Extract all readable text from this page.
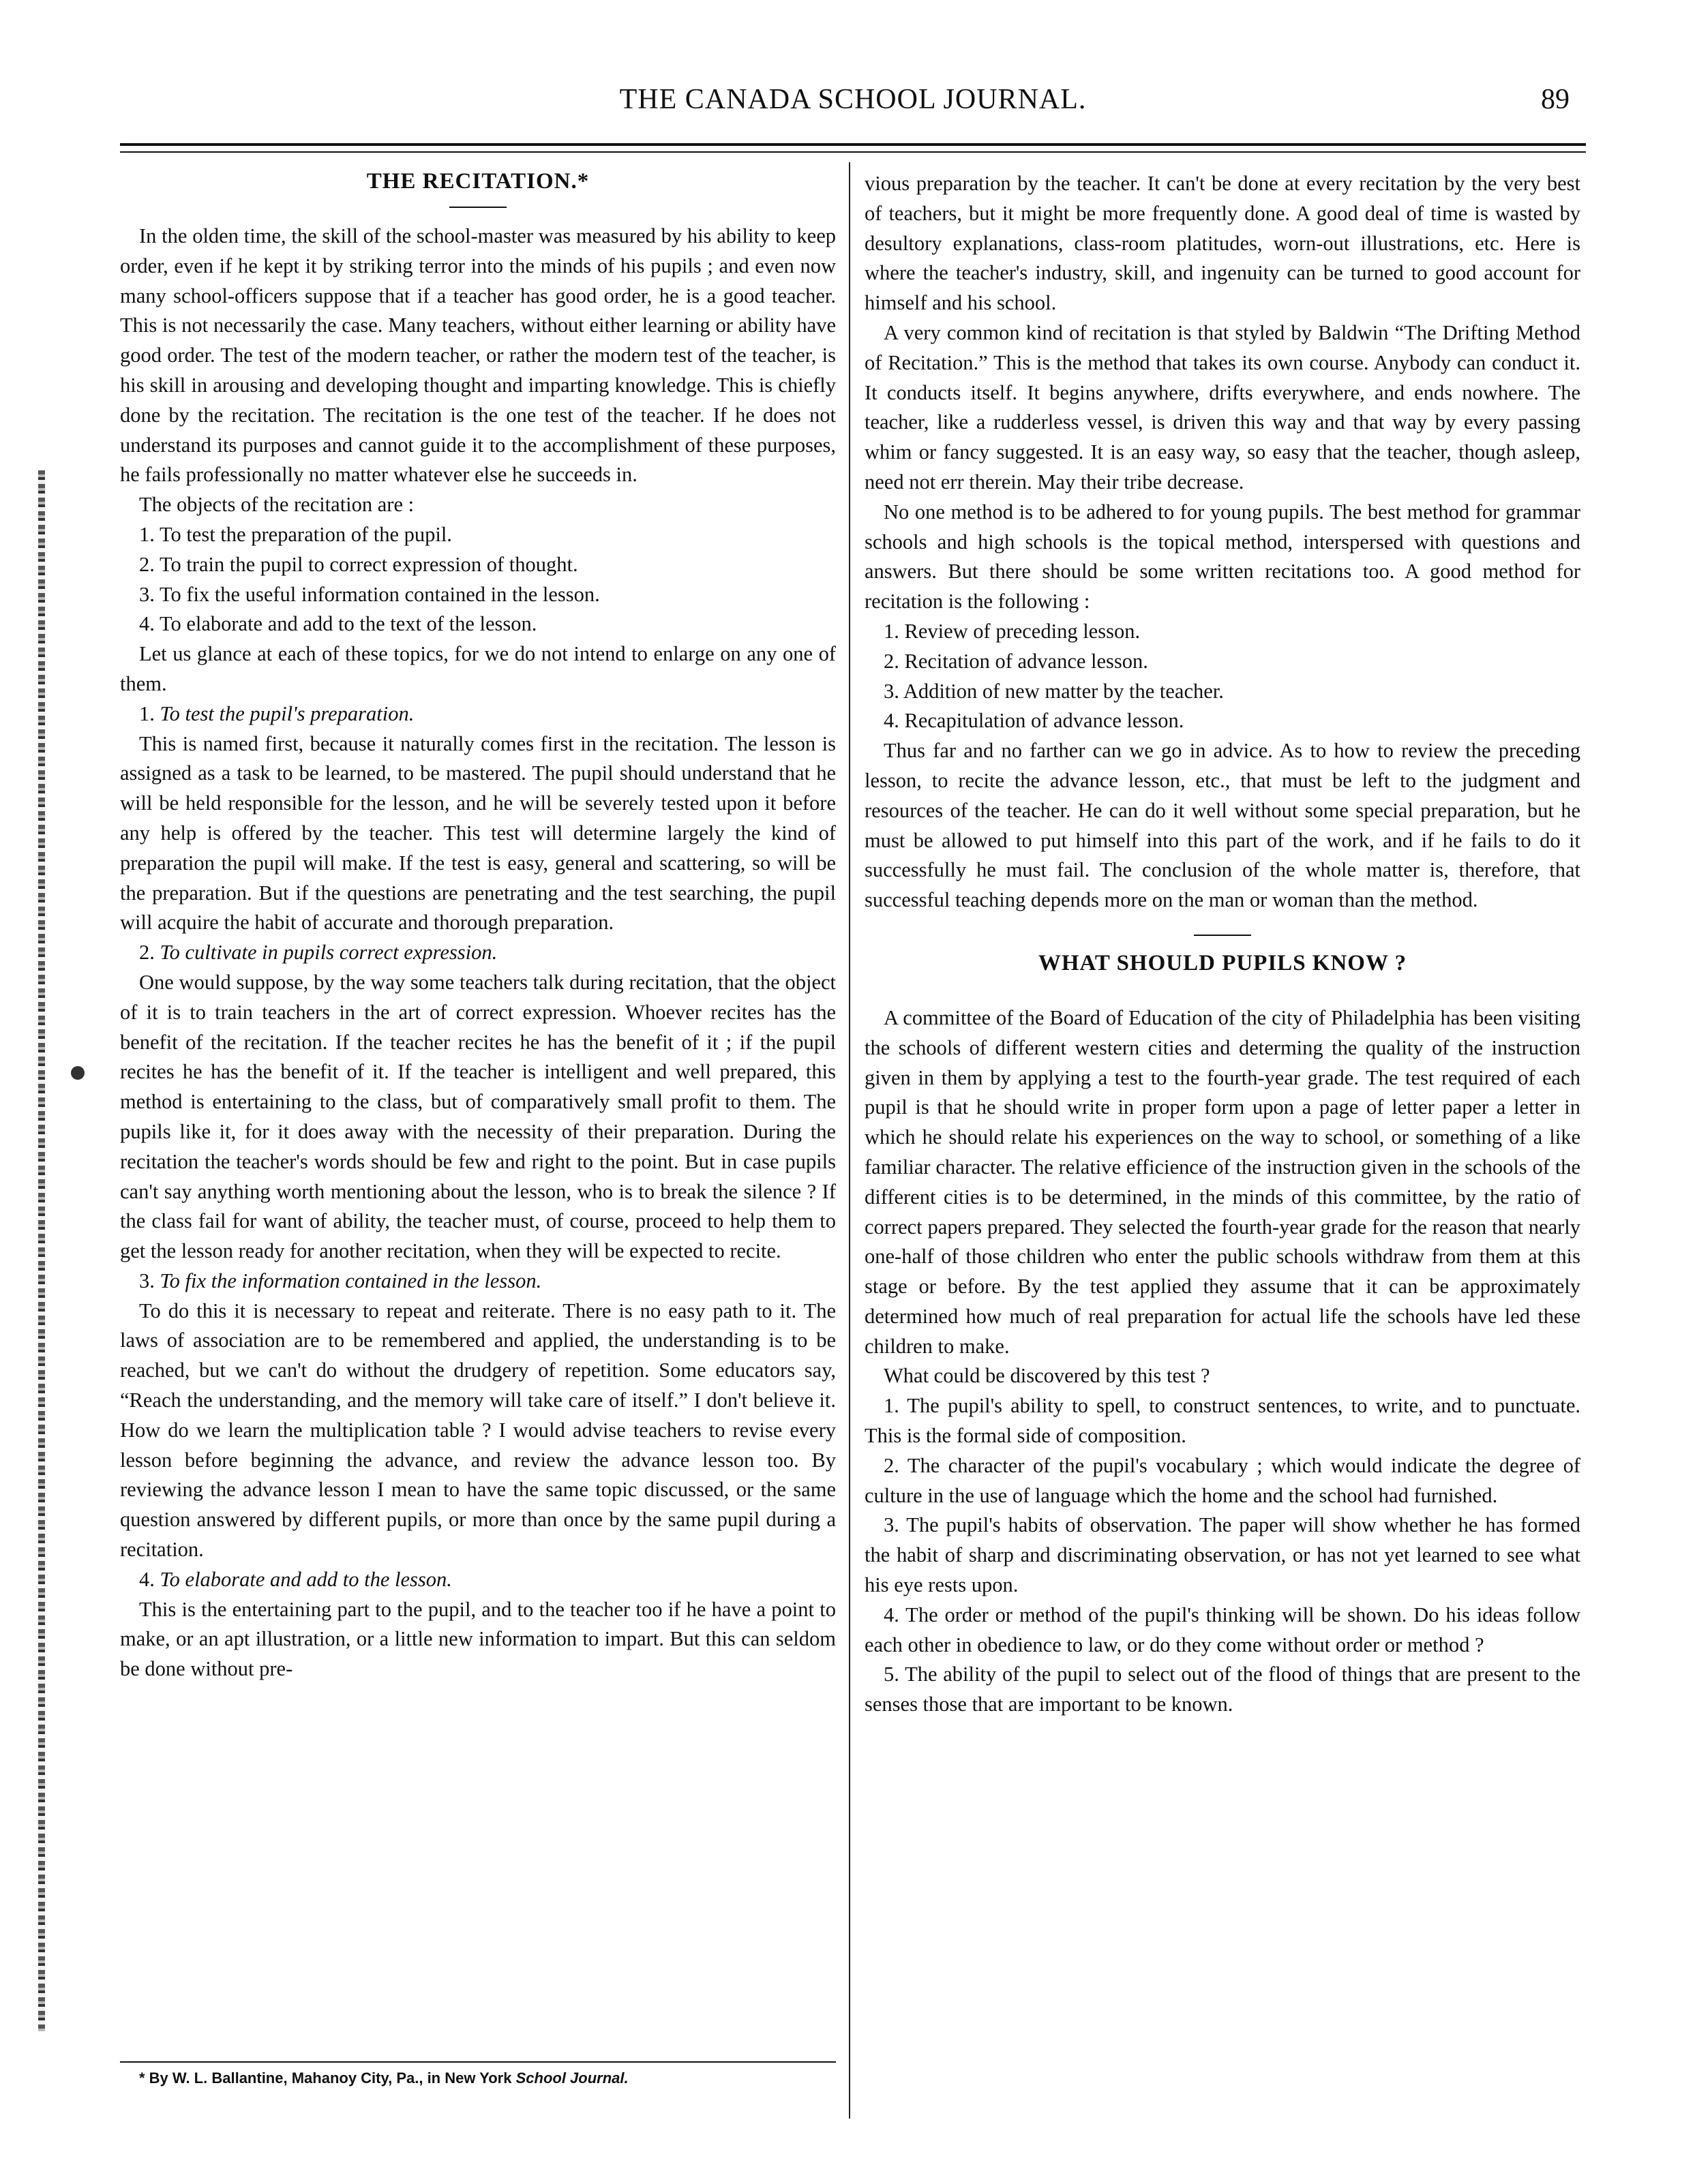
THE CANADA SCHOOL JOURNAL.	89
THE RECITATION.*

In the olden time, the skill of the school-master was measured by his ability to keep order, even if he kept it by striking terror into the minds of his pupils ; and even now many school-officers suppose that if a teacher has good order, he is a good teacher. This is not necessarily the case. Many teachers, without either learning or ability have good order. The test of the modern teacher, or rather the modern test of the teacher, is his skill in arousing and developing thought and imparting knowledge. This is chiefly done by the recitation. The recitation is the one test of the teacher. If he does not understand its purposes and cannot guide it to the accomplishment of these purposes, he fails professionally no matter whatever else he succeeds in.

The objects of the recitation are :

1. To test the preparation of the pupil.

2. To train the pupil to correct expression of thought.

3. To fix the useful information contained in the lesson.

4. To elaborate and add to the text of the lesson.

Let us glance at each of these topics, for we do not intend to enlarge on any one of them.

1. To test the pupil's preparation.

This is named first, because it naturally comes first in the recitation. The lesson is assigned as a task to be learned, to be mastered. The pupil should understand that he will be held responsible for the lesson, and he will be severely tested upon it before any help is offered by the teacher. This test will determine largely the kind of preparation the pupil will make. If the test is easy, general and scattering, so will be the preparation. But if the questions are penetrating and the test searching, the pupil will acquire the habit of accurate and thorough preparation.

2. To cultivate in pupils correct expression.

One would suppose, by the way some teachers talk during recitation, that the object of it is to train teachers in the art of correct expression. Whoever recites has the benefit of the recitation. If the teacher recites he has the benefit of it ; if the pupil recites he has the benefit of it. If the teacher is intelligent and well prepared, this method is entertaining to the class, but of comparatively small profit to them. The pupils like it, for it does away with the necessity of their preparation. During the recitation the teacher's words should be few and right to the point. But in case pupils can't say anything worth mentioning about the lesson, who is to break the silence ? If the class fail for want of ability, the teacher must, of course, proceed to help them to get the lesson ready for another recitation, when they will be expected to recite.

3. To fix the information contained in the lesson.

To do this it is necessary to repeat and reiterate. There is no easy path to it. The laws of association are to be remembered and applied, the understanding is to be reached, but we can't do without the drudgery of repetition. Some educators say, “Reach the understanding, and the memory will take care of itself.” I don't believe it. How do we learn the multiplication table ? I would advise teachers to revise every lesson before beginning the advance, and review the advance lesson too. By reviewing the advance lesson I mean to have the same topic discussed, or the same question answered by different pupils, or more than once by the same pupil during a recitation.

4. To elaborate and add to the lesson.

This is the entertaining part to the pupil, and to the teacher too if he have a point to make, or an apt illustration, or a little new information to impart. But this can seldom be done without pre-

* By W. L. Ballantine, Mahanoy City, Pa., in New York School Journal.

vious preparation by the teacher. It can't be done at every recitation by the very best of teachers, but it might be more frequently done. A good deal of time is wasted by desultory explanations, class-room platitudes, worn-out illustrations, etc. Here is where the teacher's industry, skill, and ingenuity can be turned to good account for himself and his school.

A very common kind of recitation is that styled by Baldwin “The Drifting Method of Recitation.” This is the method that takes its own course. Anybody can conduct it. It conducts itself. It begins anywhere, drifts everywhere, and ends nowhere. The teacher, like a rudderless vessel, is driven this way and that way by every passing whim or fancy suggested. It is an easy way, so easy that the teacher, though asleep, need not err therein. May their tribe decrease.

No one method is to be adhered to for young pupils. The best method for grammar schools and high schools is the topical method, interspersed with questions and answers. But there should be some written recitations too. A good method for recitation is the following :

1. Review of preceding lesson.

2. Recitation of advance lesson.

3. Addition of new matter by the teacher.

4. Recapitulation of advance lesson.

Thus far and no farther can we go in advice. As to how to review the preceding lesson, to recite the advance lesson, etc., that must be left to the judgment and resources of the teacher. He can do it well without some special preparation, but he must be allowed to put himself into this part of the work, and if he fails to do it successfully he must fail. The conclusion of the whole matter is, therefore, that successful teaching depends more on the man or woman than the method.

WHAT SHOULD PUPILS KNOW ?

A committee of the Board of Education of the city of Philadelphia has been visiting the schools of different western cities and determing the quality of the instruction given in them by applying a test to the fourth-year grade. The test required of each pupil is that he should write in proper form upon a page of letter paper a letter in which he should relate his experiences on the way to school, or something of a like familiar character. The relative efficience of the instruction given in the schools of the different cities is to be determined, in the minds of this committee, by the ratio of correct papers prepared. They selected the fourth-year grade for the reason that nearly one-half of those children who enter the public schools withdraw from them at this stage or before. By the test applied they assume that it can be approximately determined how much of real preparation for actual life the schools have led these children to make.

What could be discovered by this test ?

1. The pupil's ability to spell, to construct sentences, to write, and to punctuate. This is the formal side of composition.

2. The character of the pupil's vocabulary ; which would indicate the degree of culture in the use of language which the home and the school had furnished.

3. The pupil's habits of observation. The paper will show whether he has formed the habit of sharp and discriminating observation, or has not yet learned to see what his eye rests upon.

4. The order or method of the pupil's thinking will be shown. Do his ideas follow each other in obedience to law, or do they come without order or method ?

5. The ability of the pupil to select out of the flood of things that are present to the senses those that are important to be known.
